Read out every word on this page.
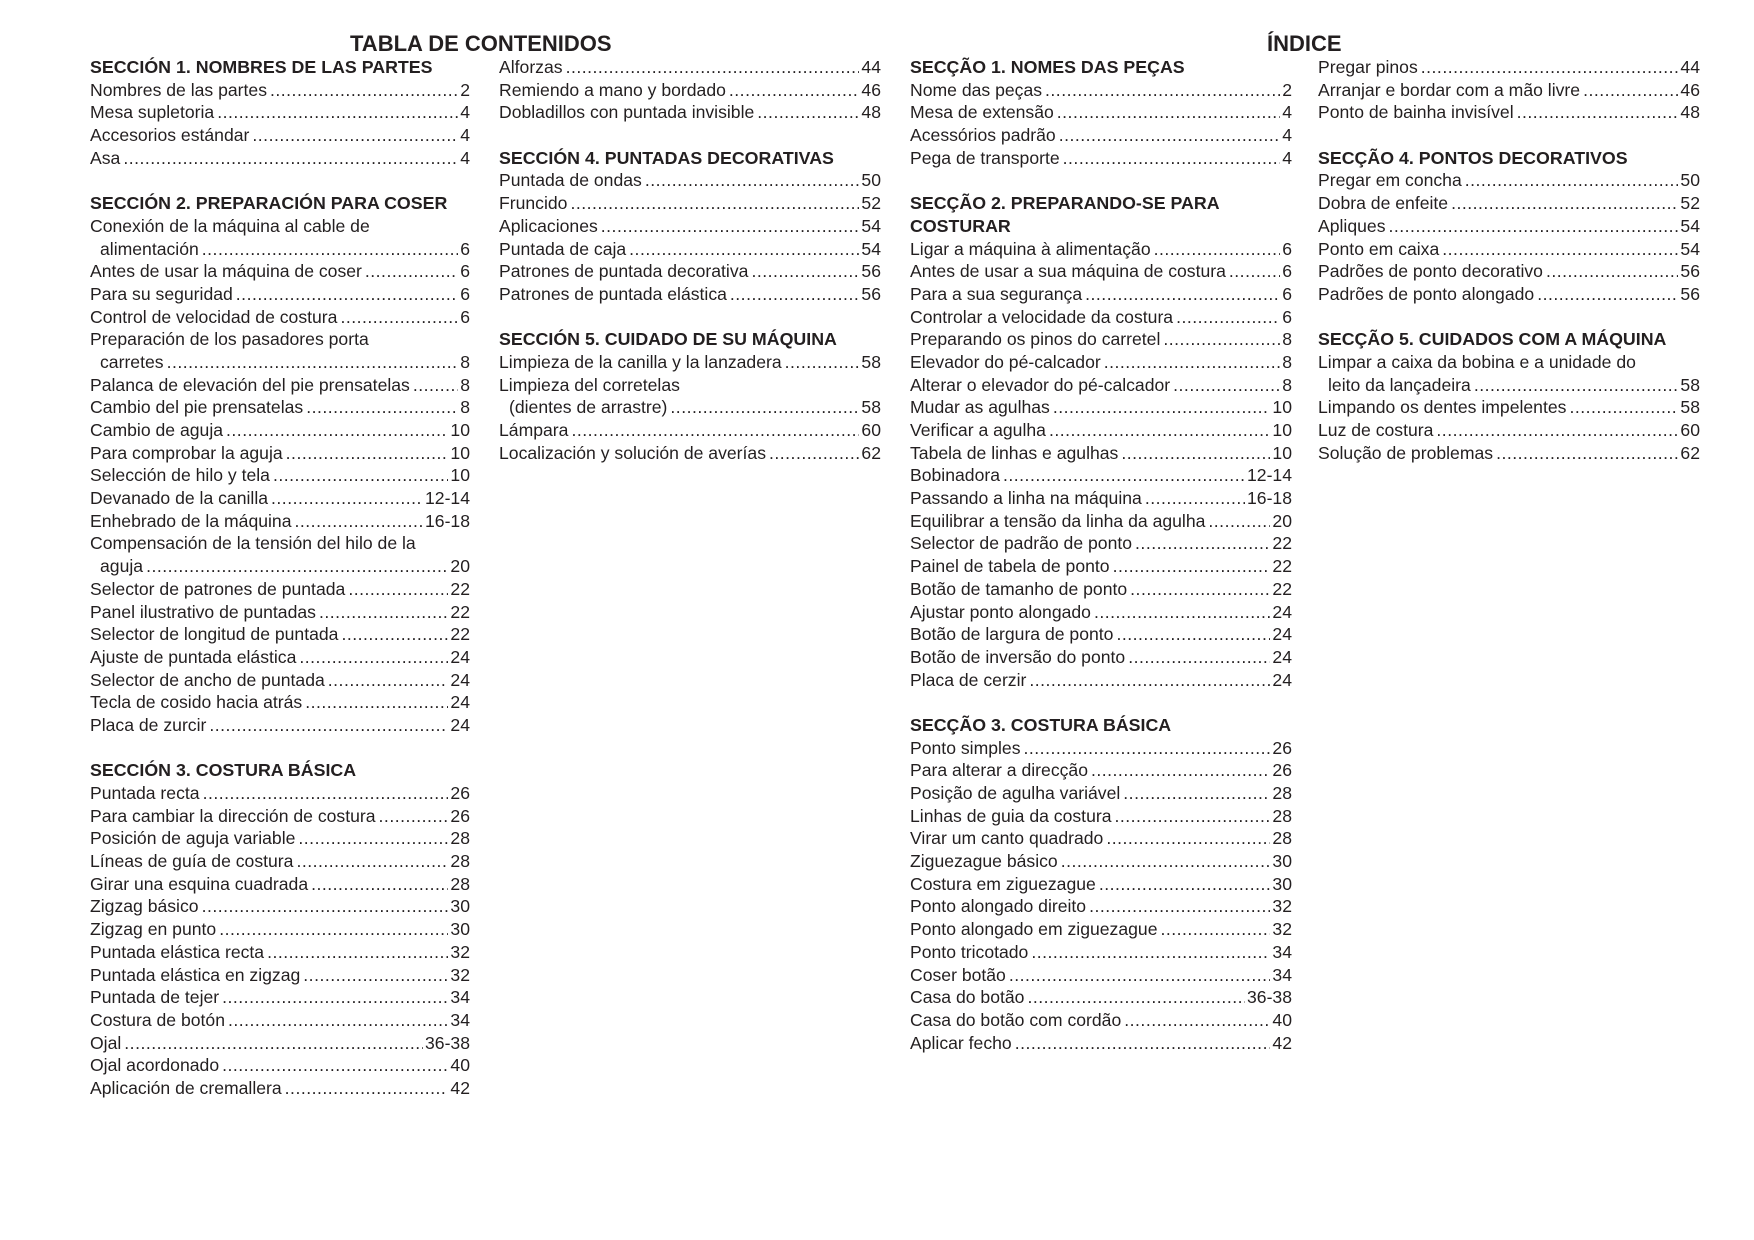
TABLA DE CONTENIDOS	ÍNDICE
SECCIÓN 1. NOMBRES DE LAS PARTES
Nombres de las partes .....	2
Mesa supletoria .....	4
Accesorios estándar .....	4
Asa .....	4
SECCIÓN 2. PREPARACIÓN PARA COSER
Conexión de la máquina al cable de
alimentación .....	6
Antes de usar la máquina de coser .....	6
Para su seguridad .....	6
Control de velocidad de costura .....	6
Preparación de los pasadores porta
carretes .....	8
Palanca de elevación del pie prensatelas .....	8
Cambio del pie prensatelas .....	8
Cambio de aguja .....	10
Para comprobar la aguja .....	10
Selección de hilo y tela .....	10
Devanado de la canilla .....	12-14
Enhebrado de la máquina .....	16-18
Compensación de la tensión del hilo de la
aguja .....	20
Selector de patrones de puntada .....	22
Panel ilustrativo de puntadas .....	22
Selector de longitud de puntada .....	22
Ajuste de puntada elástica .....	24
Selector de ancho de puntada .....	24
Tecla de cosido hacia atrás .....	24
Placa de zurcir .....	24
SECCIÓN 3. COSTURA BÁSICA
Puntada recta .....	26
Para cambiar la dirección de costura .....	26
Posición de aguja variable .....	28
Líneas de guía de costura .....	28
Girar una esquina cuadrada .....	28
Zigzag básico .....	30
Zigzag en punto .....	30
Puntada elástica recta .....	32
Puntada elástica en zigzag .....	32
Puntada de tejer .....	34
Costura de botón .....	34
Ojal .....	36-38
Ojal acordonado .....	40
Aplicación de cremallera .....	42
Alforzas .....	44
Remiendo a mano y bordado .....	46
Dobladillos con puntada invisible .....	48
SECCIÓN 4. PUNTADAS DECORATIVAS
Puntada de ondas .....	50
Fruncido .....	52
Aplicaciones .....	54
Puntada de caja .....	54
Patrones de puntada decorativa .....	56
Patrones de puntada elástica .....	56
SECCIÓN 5. CUIDADO DE SU MÁQUINA
Limpieza de la canilla y la lanzadera .....	58
Limpieza del corretelas
(dientes de arrastre) .....	58
Lámpara .....	60
Localización y solución de averías .....	62
SECÇÃO 1. NOMES DAS PEÇAS
Nome das peças .....	2
Mesa de extensão .....	4
Acessórios padrão .....	4
Pega de transporte .....	4
SECÇÃO 2. PREPARANDO-SE PARA
COSTURAR
Ligar a máquina à alimentação .....	6
Antes de usar a sua máquina de costura .....	6
Para a sua segurança .....	6
Controlar a velocidade da costura .....	6
Preparando os pinos do carretel .....	8
Elevador do pé-calcador .....	8
Alterar o elevador do pé-calcador .....	8
Mudar as agulhas .....	10
Verificar a agulha .....	10
Tabela de linhas e agulhas .....	10
Bobinadora .....	12-14
Passando a linha na máquina .....	16-18
Equilibrar a tensão da linha da agulha .....	20
Selector de padrão de ponto .....	22
Painel de tabela de ponto .....	22
Botão de tamanho de ponto .....	22
Ajustar ponto alongado .....	24
Botão de largura de ponto .....	24
Botão de inversão do ponto .....	24
Placa de cerzir .....	24
SECÇÃO 3. COSTURA BÁSICA
Ponto simples .....	26
Para alterar a direcção .....	26
Posição de agulha variável .....	28
Linhas de guia da costura .....	28
Virar um canto quadrado .....	28
Ziguezague básico .....	30
Costura em ziguezague .....	30
Ponto alongado direito .....	32
Ponto alongado em ziguezague .....	32
Ponto tricotado .....	34
Coser botão .....	34
Casa do botão .....	36-38
Casa do botão com cordão .....	40
Aplicar fecho .....	42
Pregar pinos .....	44
Arranjar e bordar com a mão livre .....	46
Ponto de bainha invisível .....	48
SECÇÃO 4. PONTOS DECORATIVOS
Pregar em concha .....	50
Dobra de enfeite .....	52
Apliques .....	54
Ponto em caixa .....	54
Padrões de ponto decorativo .....	56
Padrões de ponto alongado .....	56
SECÇÃO 5. CUIDADOS COM A MÁQUINA
Limpar a caixa da bobina e a unidade do
leito da lançadeira .....	58
Limpando os dentes impelentes .....	58
Luz de costura .....	60
Solução de problemas .....	62
